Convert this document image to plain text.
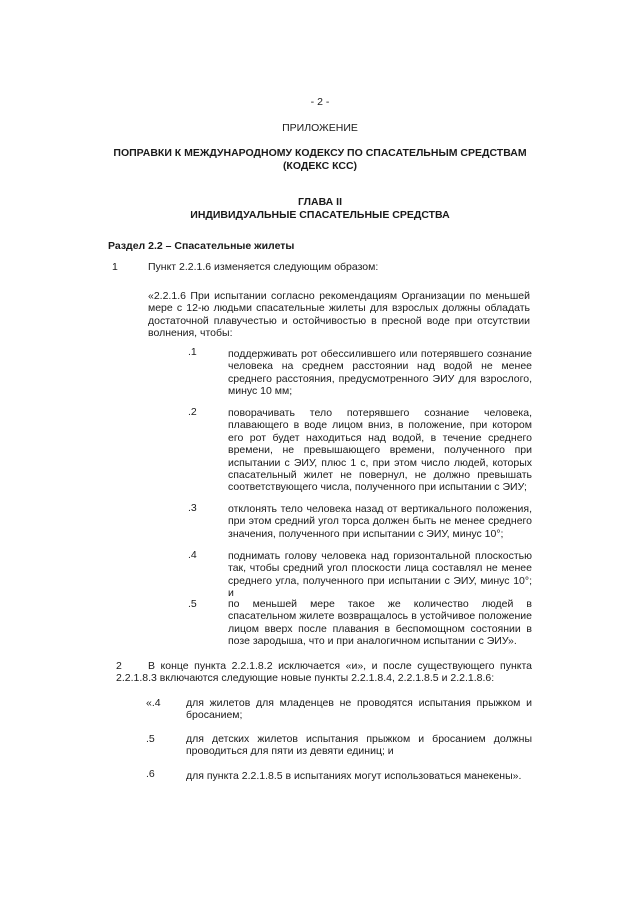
- 2 -
ПРИЛОЖЕНИЕ
ПОПРАВКИ К МЕЖДУНАРОДНОМУ КОДЕКСУ ПО СПАСАТЕЛЬНЫМ СРЕДСТВАМ
(КОДЕКС КСС)
ГЛАВА II
ИНДИВИДУАЛЬНЫЕ СПАСАТЕЛЬНЫЕ СРЕДСТВА
Раздел 2.2 – Спасательные жилеты
1	Пункт 2.2.1.6 изменяется следующим образом:
«2.2.1.6 При испытании согласно рекомендациям Организации по меньшей мере с 12-ю людьми спасательные жилеты для взрослых должны обладать достаточной плавучестью и остойчивостью в пресной воде при отсутствии волнения, чтобы:
.1	поддерживать рот обессилившего или потерявшего сознание человека на среднем расстоянии над водой не менее среднего расстояния, предусмотренного ЭИУ для взрослого, минус 10 мм;
.2	поворачивать тело потерявшего сознание человека, плавающего в воде лицом вниз, в положение, при котором его рот будет находиться над водой, в течение среднего времени, не превышающего времени, полученного при испытании с ЭИУ, плюс 1 с, при этом число людей, которых спасательный жилет не повернул, не должно превышать соответствующего числа, полученного при испытании с ЭИУ;
.3	отклонять тело человека назад от вертикального положения, при этом средний угол торса должен быть не менее среднего значения, полученного при испытании с ЭИУ, минус 10°;
.4	поднимать голову человека над горизонтальной плоскостью так, чтобы средний угол плоскости лица составлял не менее среднего угла, полученного при испытании с ЭИУ, минус 10°; и
.5	по меньшей мере такое же количество людей в спасательном жилете возвращалось в устойчивое положение лицом вверх после плавания в беспомощном состоянии в позе зародыша, что и при аналогичном испытании с ЭИУ».
2	В конце пункта 2.2.1.8.2 исключается «и», и после существующего пункта 2.2.1.8.3 включаются следующие новые пункты 2.2.1.8.4, 2.2.1.8.5 и 2.2.1.8.6:
«.4 для жилетов для младенцев не проводятся испытания прыжком и бросанием;
.5	для детских жилетов испытания прыжком и бросанием должны проводиться для пяти из девяти единиц; и
.6	для пункта 2.2.1.8.5 в испытаниях могут использоваться манекены».
